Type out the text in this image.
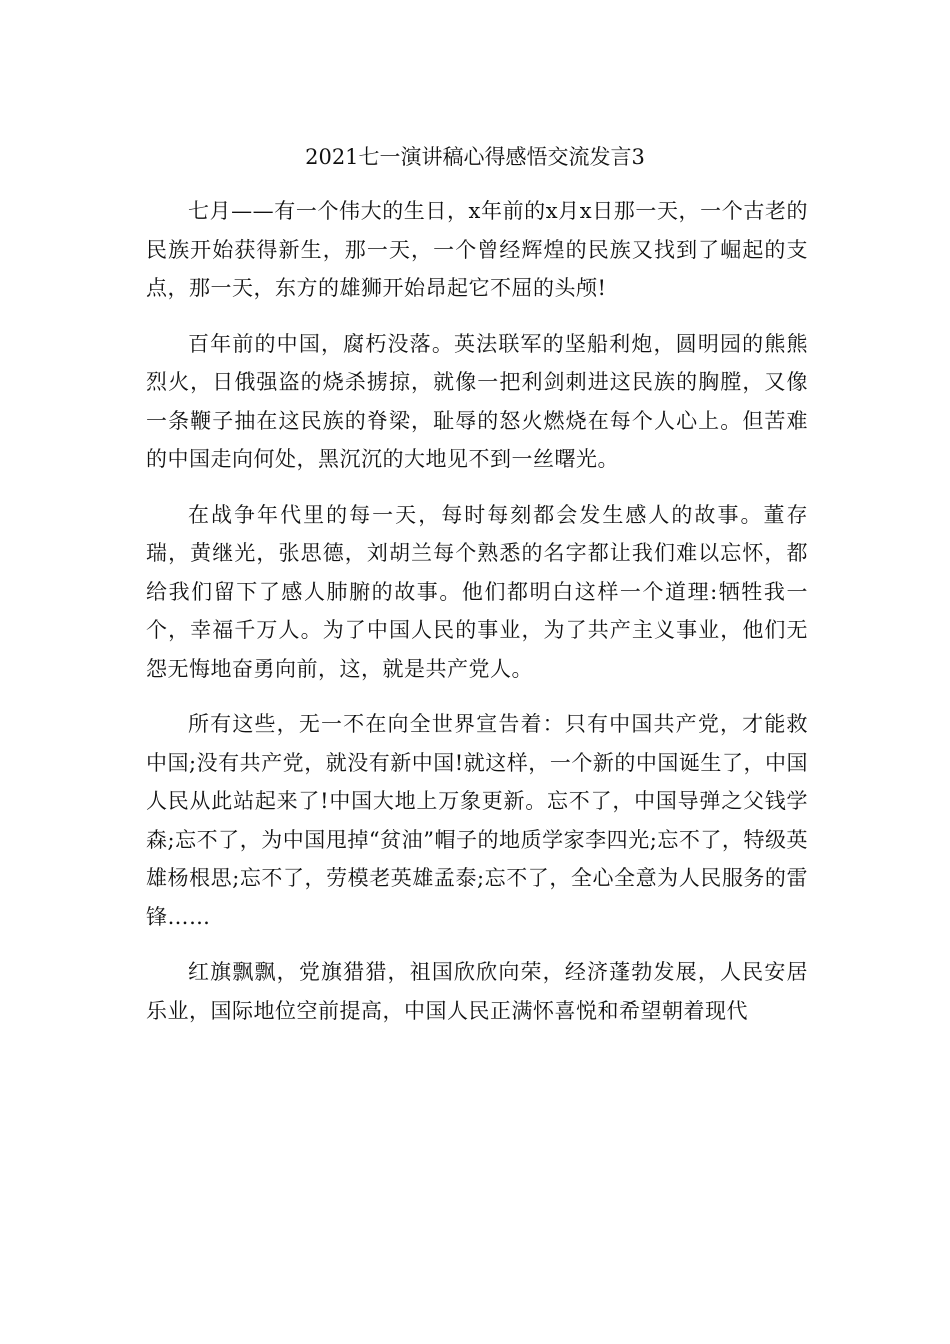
2021七一演讲稿心得感悟交流发言3

七月——有一个伟大的生日，x年前的x月x日那一天，一个古老的民族开始获得新生，那一天，一个曾经辉煌的民族又找到了崛起的支点，那一天，东方的雄狮开始昂起它不屈的头颅!

百年前的中国，腐朽没落。英法联军的坚船利炮，圆明园的熊熊烈火，日俄强盗的烧杀掳掠，就像一把利剑刺进这民族的胸膛，又像一条鞭子抽在这民族的脊梁，耻辱的怒火燃烧在每个人心上。但苦难的中国走向何处，黑沉沉的大地见不到一丝曙光。

在战争年代里的每一天，每时每刻都会发生感人的故事。董存瑞，黄继光，张思德，刘胡兰每个熟悉的名字都让我们难以忘怀，都给我们留下了感人肺腑的故事。他们都明白这样一个道理:牺牲我一个，幸福千万人。为了中国人民的事业，为了共产主义事业，他们无怨无悔地奋勇向前，这，就是共产党人。

所有这些，无一不在向全世界宣告着：只有中国共产党，才能救中国;没有共产党，就没有新中国!就这样，一个新的中国诞生了，中国人民从此站起来了!中国大地上万象更新。忘不了，中国导弹之父钱学森;忘不了，为中国甩掉“贫油”帽子的地质学家李四光;忘不了，特级英雄杨根思;忘不了，劳模老英雄孟泰;忘不了，全心全意为人民服务的雷锋……

红旗飘飘，党旗猎猎，祖国欣欣向荣，经济蓬勃发展，人民安居乐业，国际地位空前提高，中国人民正满怀喜悦和希望朝着现代
